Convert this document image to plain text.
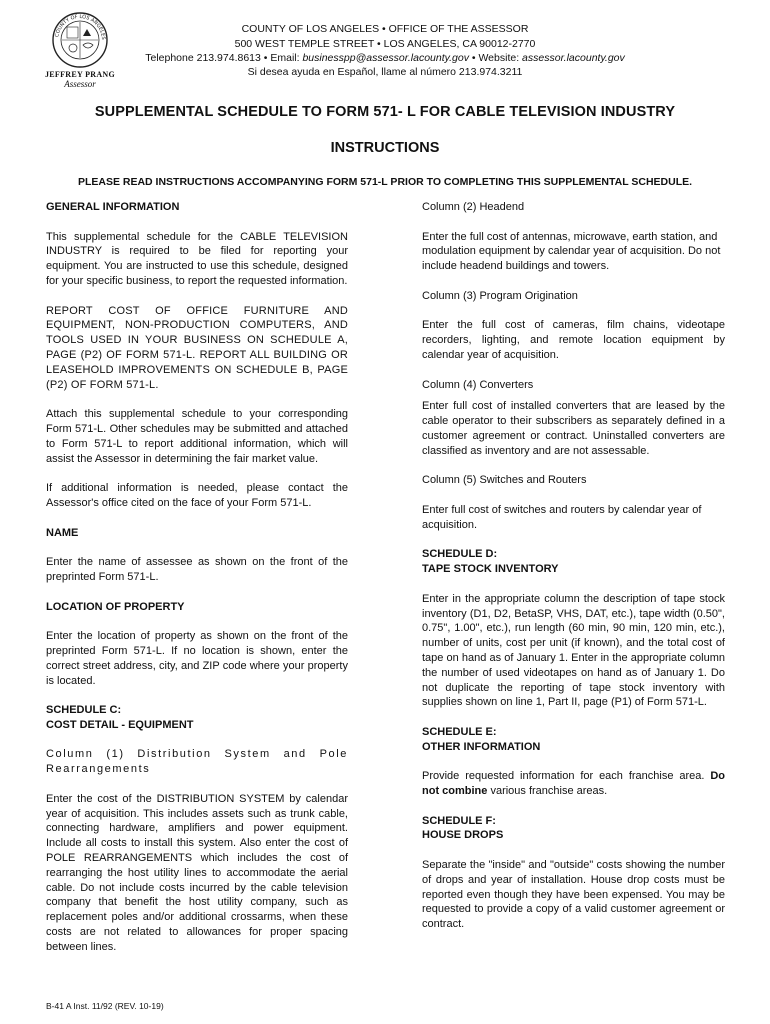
COUNTY OF LOS ANGELES
JEFFREY PRANG
Assessor
COUNTY OF LOS ANGELES • OFFICE OF THE ASSESSOR
500 WEST TEMPLE STREET • LOS ANGELES, CA 90012-2770
Telephone 213.974.8613 • Email: businesspp@assessor.lacounty.gov • Website: assessor.lacounty.gov
Si desea ayuda en Español, llame al número 213.974.3211
SUPPLEMENTAL SCHEDULE TO FORM 571- L FOR CABLE TELEVISION INDUSTRY
INSTRUCTIONS
PLEASE READ INSTRUCTIONS ACCOMPANYING FORM 571-L PRIOR TO COMPLETING THIS SUPPLEMENTAL SCHEDULE.
GENERAL INFORMATION

This supplemental schedule for the CABLE TELEVISION INDUSTRY is required to be filed for reporting your equipment. You are instructed to use this schedule, designed for your specific business, to report the requested information.

REPORT COST OF OFFICE FURNITURE AND EQUIPMENT, NON-PRODUCTION COMPUTERS, AND TOOLS USED IN YOUR BUSINESS ON SCHEDULE A, PAGE (P2) OF FORM 571-L. REPORT ALL BUILDING OR LEASEHOLD IMPROVEMENTS ON SCHEDULE B, PAGE (P2) OF FORM 571-L.

Attach this supplemental schedule to your corresponding Form 571-L. Other schedules may be submitted and attached to Form 571-L to report additional information, which will assist the Assessor in determining the fair market value.

If additional information is needed, please contact the Assessor's office cited on the face of your Form 571-L.

NAME

Enter the name of assessee as shown on the front of the preprinted Form 571-L.

LOCATION OF PROPERTY

Enter the location of property as shown on the front of the preprinted Form 571-L. If no location is shown, enter the correct street address, city, and ZIP code where your property is located.

SCHEDULE C:
COST DETAIL - EQUIPMENT

Column (1) Distribution System and Pole Rearrangements

Enter the cost of the DISTRIBUTION SYSTEM by calendar year of acquisition. This includes assets such as trunk cable, connecting hardware, amplifiers and power equipment. Include all costs to install this system. Also enter the cost of POLE REARRANGEMENTS which includes the cost of rearranging the host utility lines to accommodate the aerial cable. Do not include costs incurred by the cable television company that benefit the host utility company, such as replacement poles and/or additional crossarms, when these costs are not related to allowances for proper spacing between lines.

Column (2) Headend

Enter the full cost of antennas, microwave, earth station, and modulation equipment by calendar year of acquisition. Do not include headend buildings and towers.

Column (3) Program Origination

Enter the full cost of cameras, film chains, videotape recorders, lighting, and remote location equipment by calendar year of acquisition.

Column (4) Converters

Enter full cost of installed converters that are leased by the cable operator to their subscribers as separately defined in a customer agreement or contract. Uninstalled converters are classified as inventory and are not assessable.

Column (5) Switches and Routers

Enter full cost of switches and routers by calendar year of acquisition.

SCHEDULE D:
TAPE STOCK INVENTORY

Enter in the appropriate column the description of tape stock inventory (D1, D2, BetaSP, VHS, DAT, etc.), tape width (0.50", 0.75", 1.00", etc.), run length (60 min, 90 min, 120 min, etc.), number of units, cost per unit (if known), and the total cost of tape on hand as of January 1. Enter in the appropriate column the number of used videotapes on hand as of January 1. Do not duplicate the reporting of tape stock inventory with supplies shown on line 1, Part II, page (P1) of Form 571-L.

SCHEDULE E:
OTHER INFORMATION

Provide requested information for each franchise area. Do not combine various franchise areas.

SCHEDULE F:
HOUSE DROPS

Separate the "inside" and "outside" costs showing the number of drops and year of installation. House drop costs must be reported even though they have been expensed. You may be requested to provide a copy of a valid customer agreement or contract.

B-41 A Inst. 11/92 (REV. 10-19)
